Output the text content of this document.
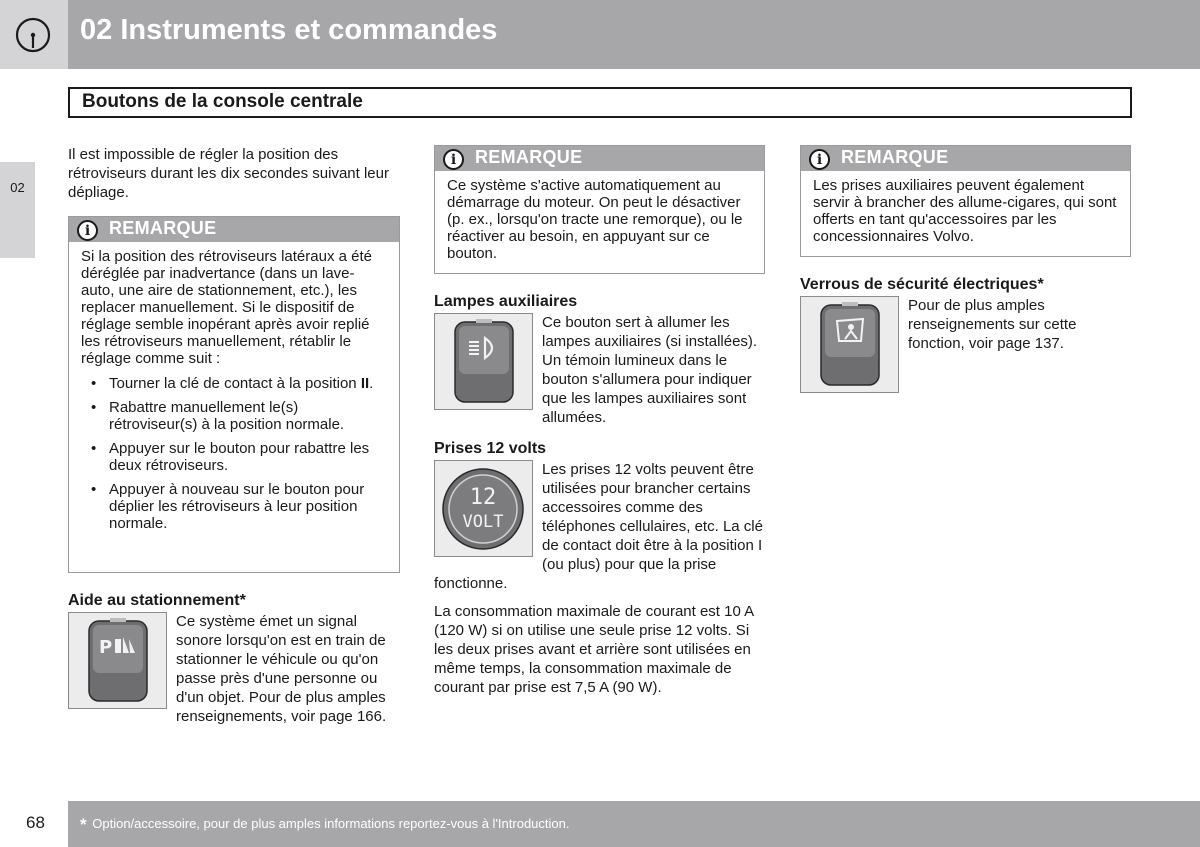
02 Instruments et commandes
Boutons de la console centrale
02

Il est impossible de régler la position des rétroviseurs durant les dix secondes suivant leur dépliage.

i	REMARQUE
Si la position des rétroviseurs latéraux a été déréglée par inadvertance (dans un lave-auto, une aire de stationnement, etc.), les replacer manuellement. Si le dispositif de réglage semble inopérant après avoir replié les rétroviseurs manuellement, rétablir le réglage comme suit :
• Tourner la clé de contact à la position II.
• Rabattre manuellement le(s) rétroviseur(s) à la position normale.
• Appuyer sur le bouton pour rabattre les deux rétroviseurs.
• Appuyer à nouveau sur le bouton pour déplier les rétroviseurs à leur position normale.
Aide au stationnement*
P
Ce système émet un signal sonore lorsqu'on est en train de stationner le véhicule ou qu'on passe près d'une personne ou d'un objet. Pour de plus amples renseignements, voir page 166.
i	REMARQUE
Ce système s'active automatiquement au démarrage du moteur. On peut le désactiver (p. ex., lorsqu'on tracte une remorque), ou le réactiver au besoin, en appuyant sur ce bouton.
Lampes auxiliaires
Ce bouton sert à allumer les lampes auxiliaires (si installées). Un témoin lumineux dans le bouton s'allumera pour indiquer que les lampes auxiliaires sont allumées.
Prises 12 volts
12
VOLT
Les prises 12 volts peuvent être utilisées pour brancher certains accessoires comme des téléphones cellulaires, etc. La clé de contact doit être à la position I (ou plus) pour que la prise fonctionne.
La consommation maximale de courant est 10 A (120 W) si on utilise une seule prise 12 volts. Si les deux prises avant et arrière sont utilisées en même temps, la consommation maximale de courant par prise est 7,5 A (90 W).
i	REMARQUE
Les prises auxiliaires peuvent également servir à brancher des allume-cigares, qui sont offerts en tant qu'accessoires par les concessionnaires Volvo.
Verrous de sécurité électriques*
Pour de plus amples renseignements sur cette fonction, voir page 137.
68 * Option/accessoire, pour de plus amples informations reportez-vous à l'Introduction.
